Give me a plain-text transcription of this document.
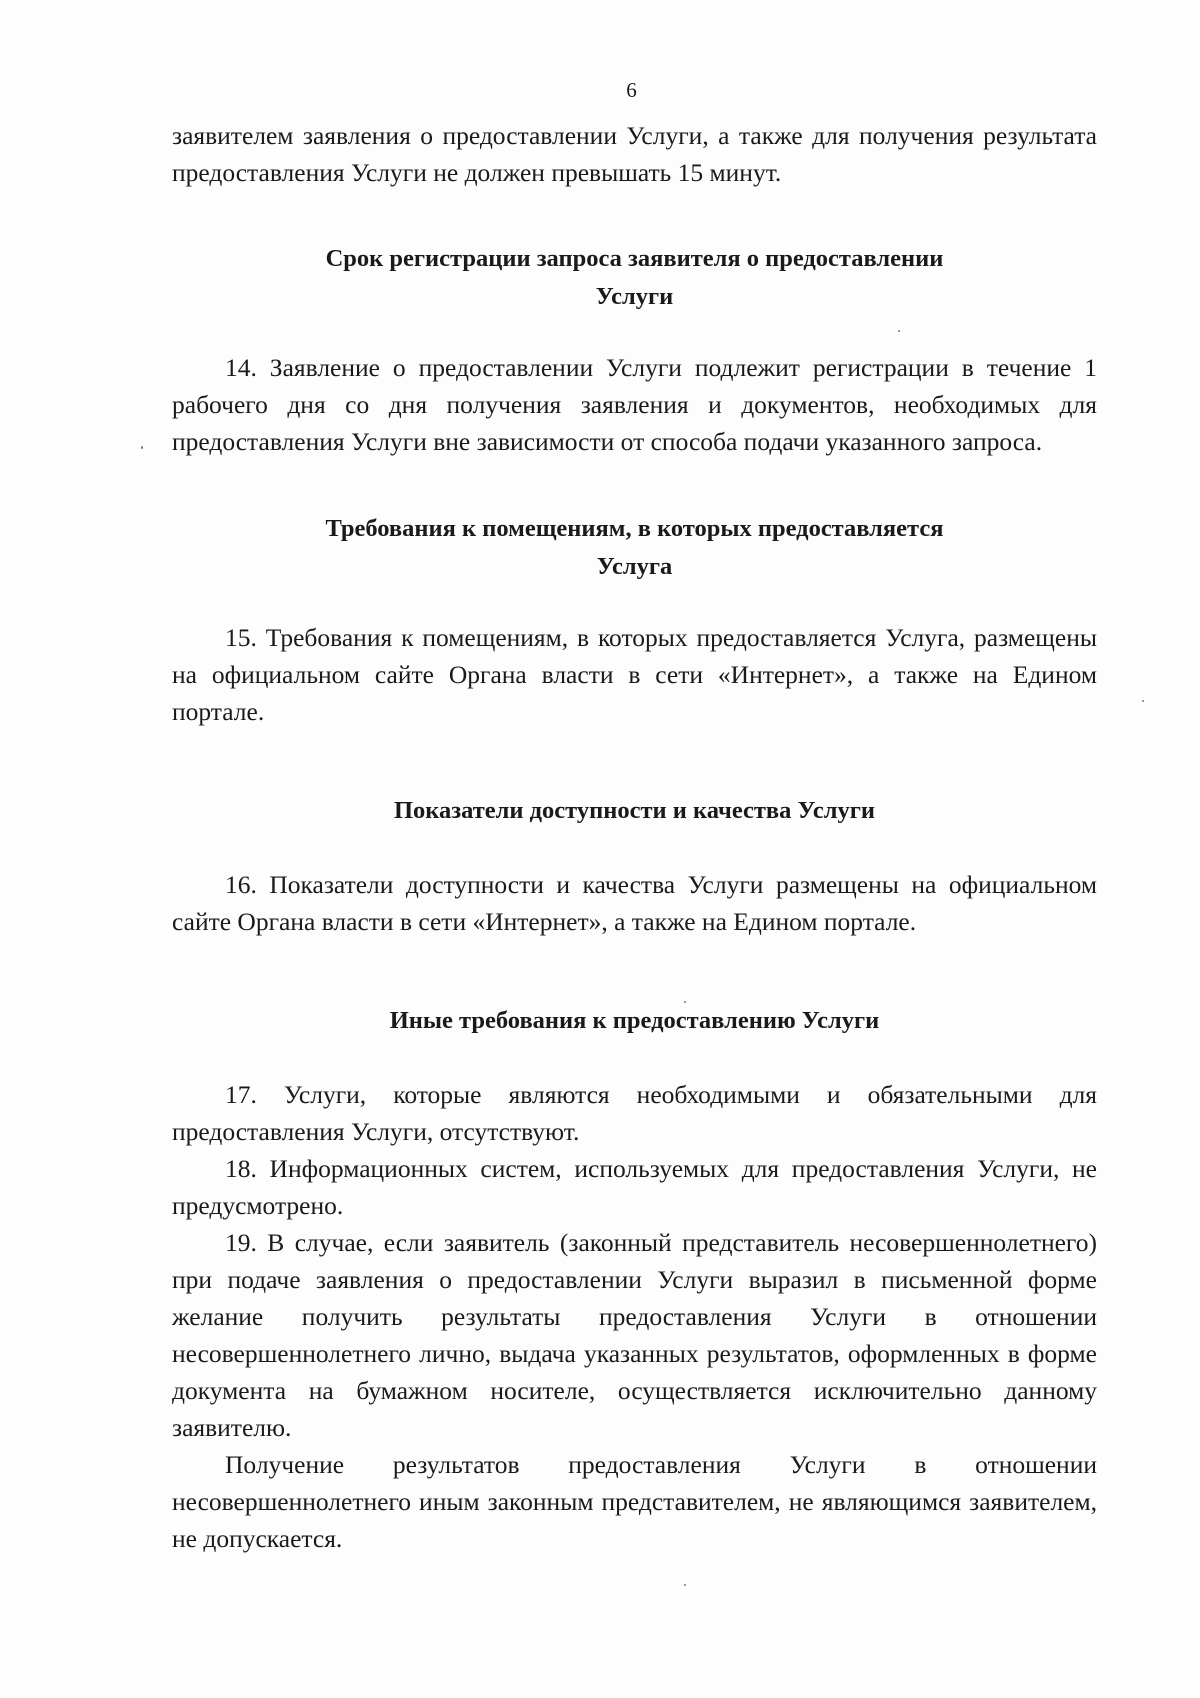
6

заявителем заявления о предоставлении Услуги, а также для получения результата предоставления Услуги не должен превышать 15 минут.

Срок регистрации запроса заявителя о предоставлении
Услуги

14. Заявление о предоставлении Услуги подлежит регистрации в течение 1 рабочего дня со дня получения заявления и документов, необходимых для предоставления Услуги вне зависимости от способа подачи указанного запроса.

Требования к помещениям, в которых предоставляется
Услуга

15. Требования к помещениям, в которых предоставляется Услуга, размещены на официальном сайте Органа власти в сети «Интернет», а также на Едином портале.

Показатели доступности и качества Услуги

16. Показатели доступности и качества Услуги размещены на официальном сайте Органа власти в сети «Интернет», а также на Едином портале.

Иные требования к предоставлению Услуги

17. Услуги, которые являются необходимыми и обязательными для предоставления Услуги, отсутствуют.

18. Информационных систем, используемых для предоставления Услуги, не предусмотрено.

19. В случае, если заявитель (законный представитель несовершеннолетнего) при подаче заявления о предоставлении Услуги выразил в письменной форме желание получить результаты предоставления Услуги в отношении несовершеннолетнего лично, выдача указанных результатов, оформленных в форме документа на бумажном носителе, осуществляется исключительно данному заявителю.

Получение результатов предоставления Услуги в отношении несовершеннолетнего иным законным представителем, не являющимся заявителем, не допускается.
